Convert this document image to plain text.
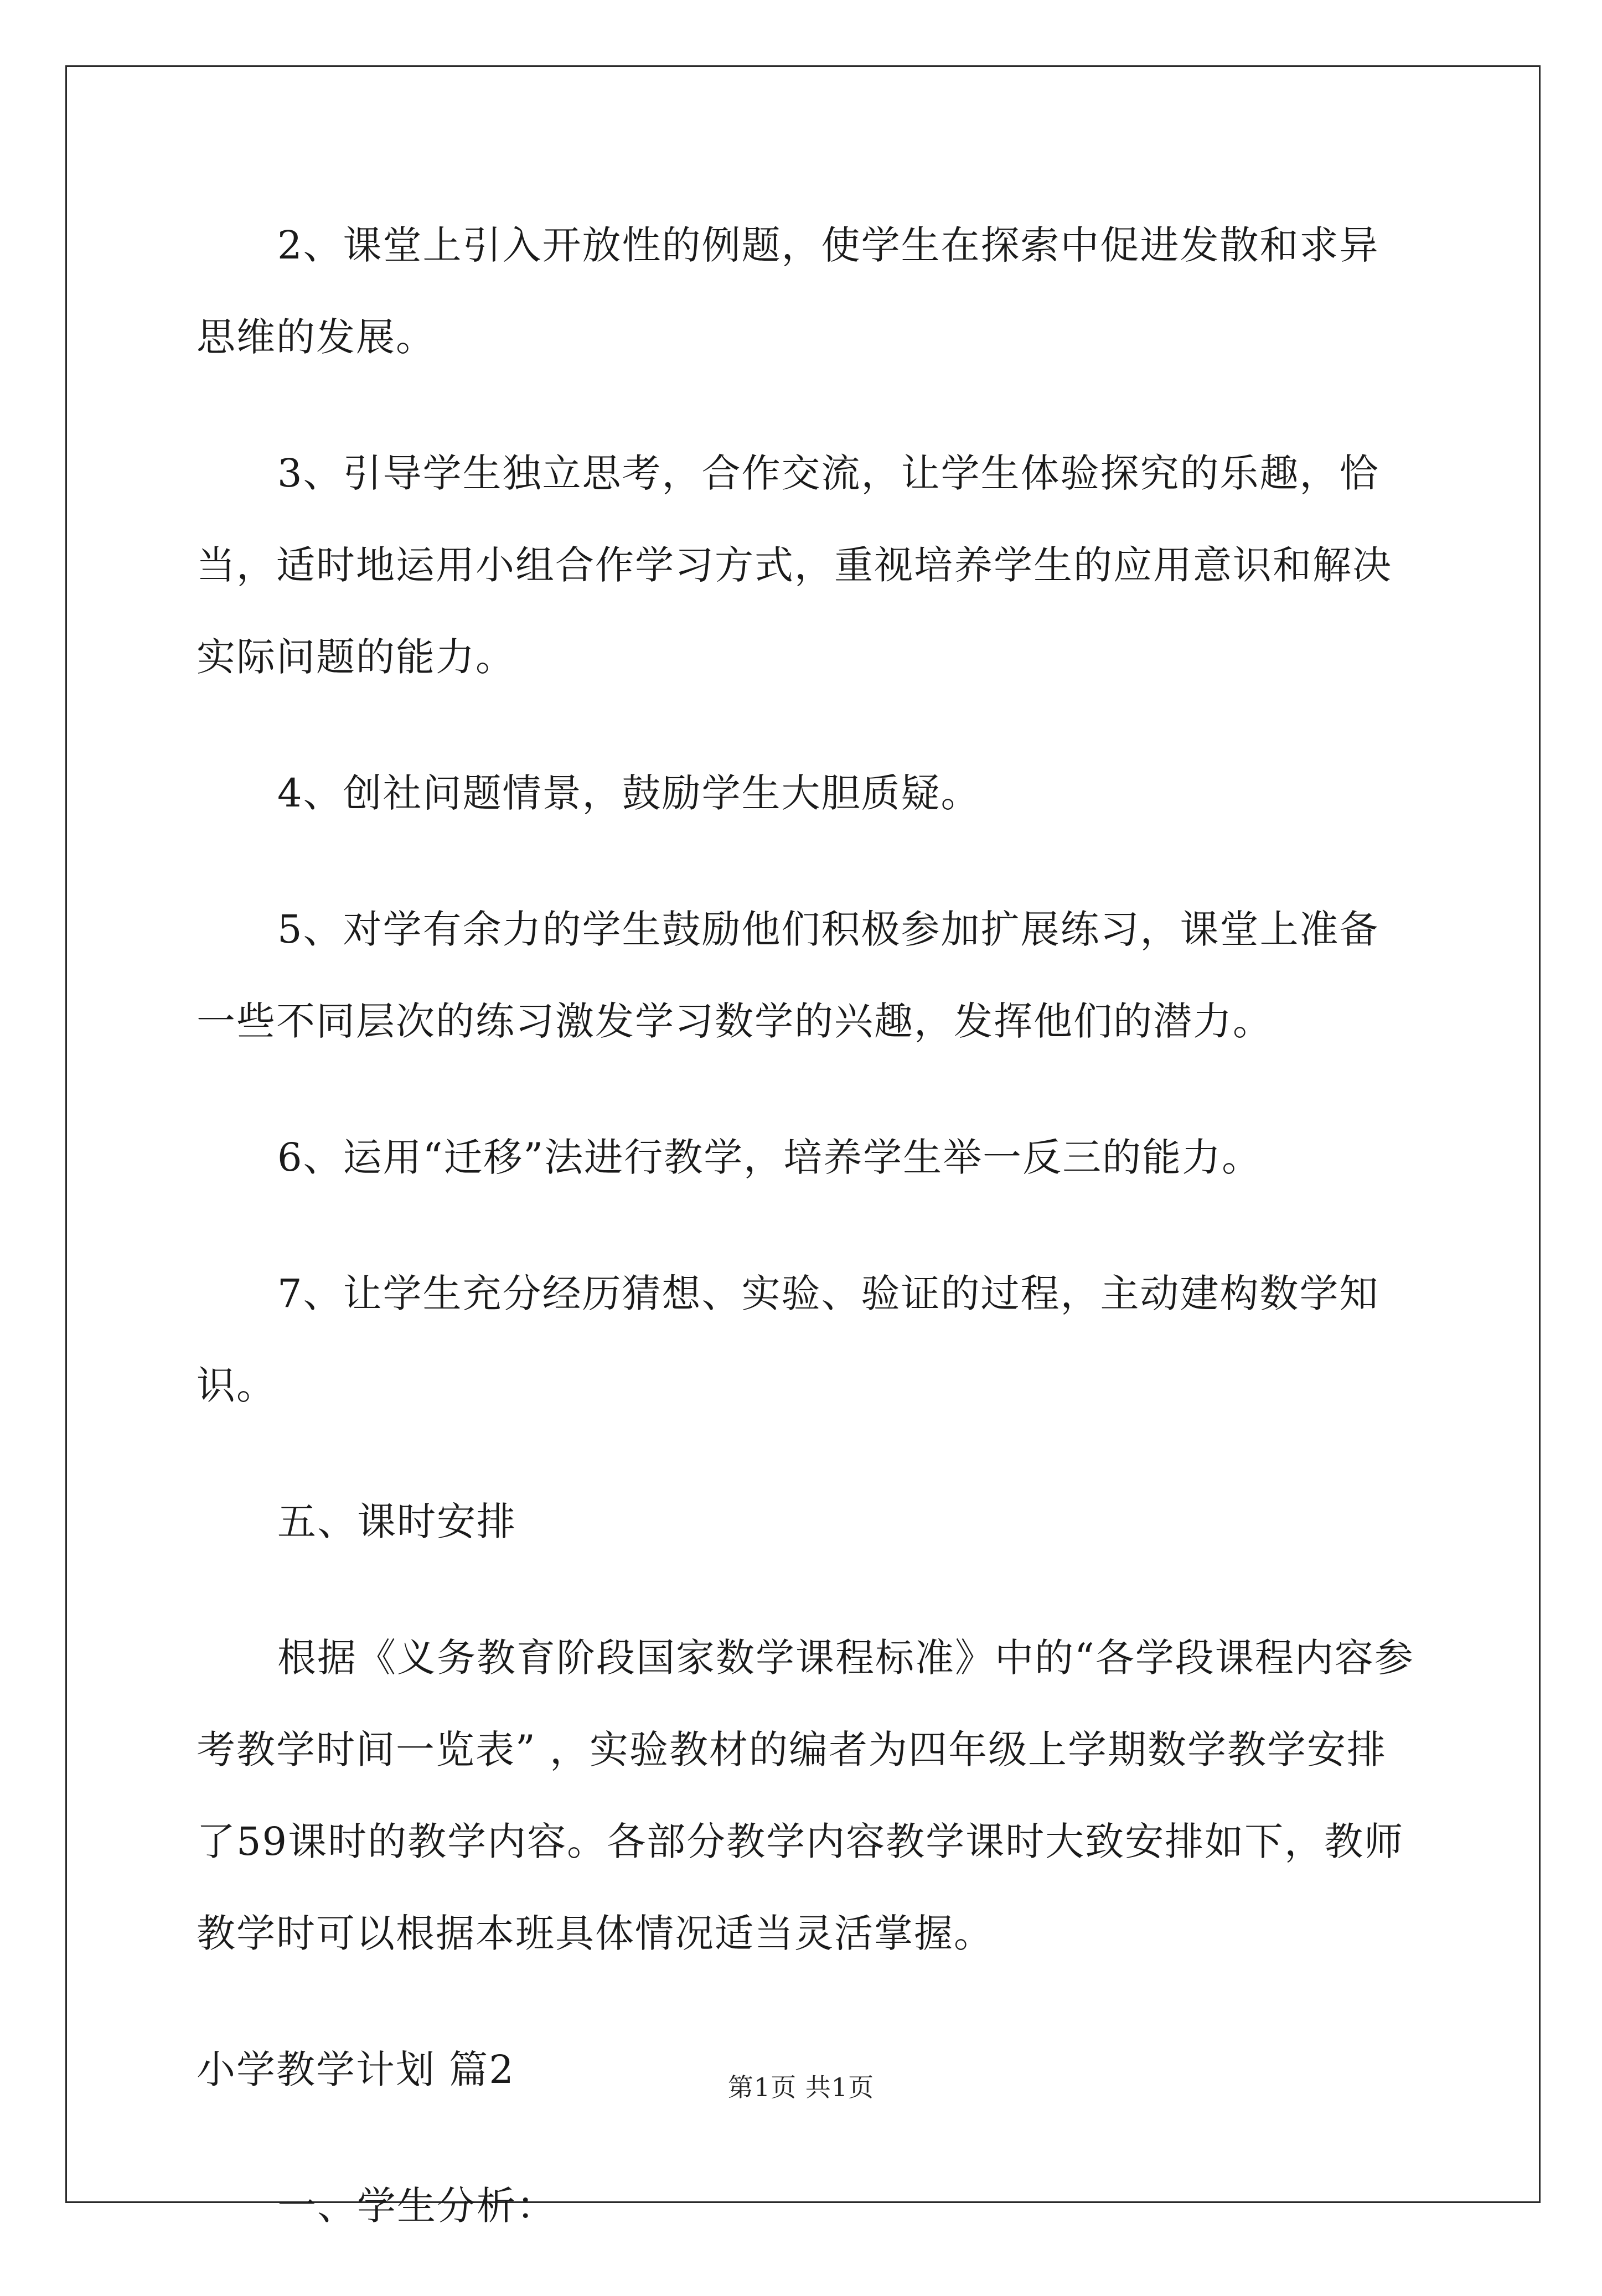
2、课堂上引入开放性的例题，使学生在探索中促进发散和求异思维的发展。

3、引导学生独立思考，合作交流，让学生体验探究的乐趣，恰当，适时地运用小组合作学习方式，重视培养学生的应用意识和解决实际问题的能力。

4、创社问题情景，鼓励学生大胆质疑。

5、对学有余力的学生鼓励他们积极参加扩展练习，课堂上准备一些不同层次的练习激发学习数学的兴趣，发挥他们的潜力。

6、运用“迁移”法进行教学，培养学生举一反三的能力。

7、让学生充分经历猜想、实验、验证的过程，主动建构数学知识。

五、课时安排

根据《义务教育阶段国家数学课程标准》中的“各学段课程内容参考教学时间一览表” ，实验教材的编者为四年级上学期数学教学安排了59课时的教学内容。各部分教学内容教学课时大致安排如下，教师教学时可以根据本班具体情况适当灵活掌握。

小学教学计划 篇2

一、学生分析：

第1页 共1页
